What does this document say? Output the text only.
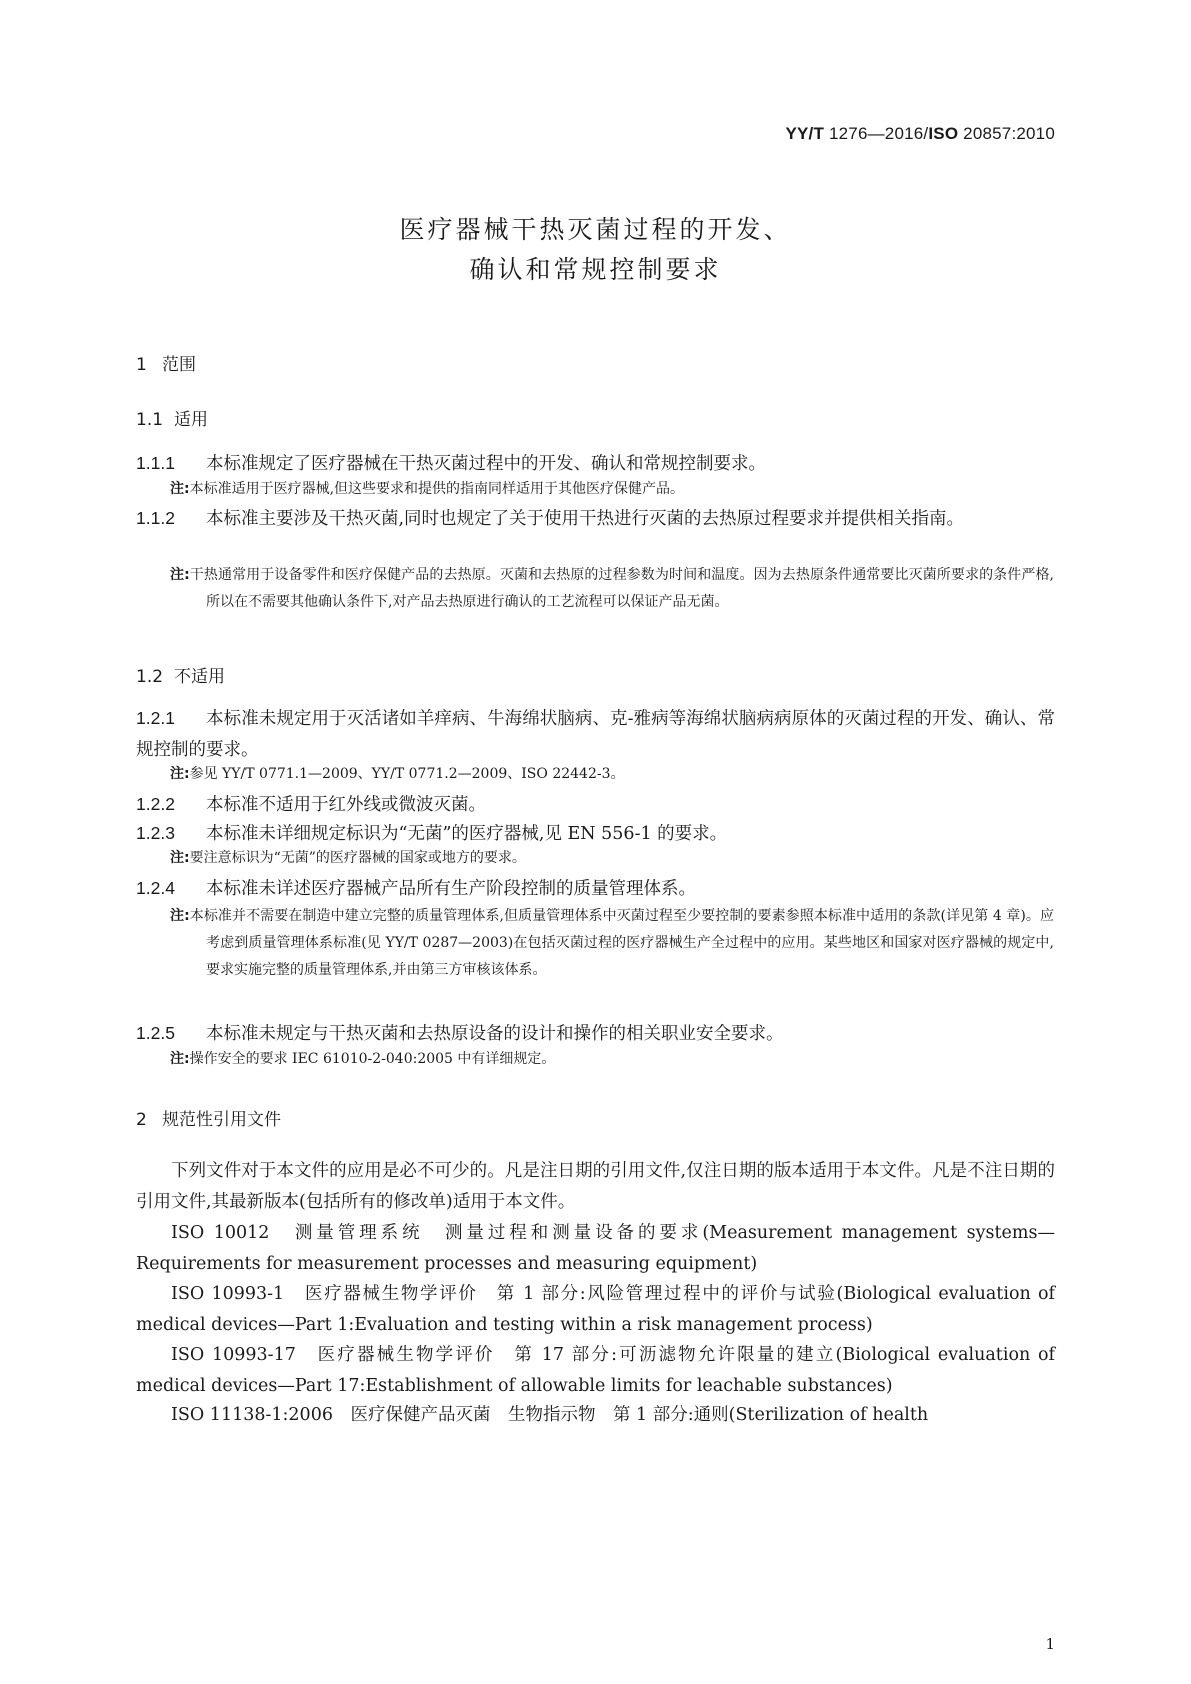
YY/T 1276—2016/ISO 20857:2010
医疗器械干热灭菌过程的开发、
确认和常规控制要求
1 范围
1.1 适用
1.1.1 本标准规定了医疗器械在干热灭菌过程中的开发、确认和常规控制要求。
注:本标准适用于医疗器械,但这些要求和提供的指南同样适用于其他医疗保健产品。
1.1.2 本标准主要涉及干热灭菌,同时也规定了关于使用干热进行灭菌的去热原过程要求并提供相关指南。
注:干热通常用于设备零件和医疗保健产品的去热原。灭菌和去热原的过程参数为时间和温度。因为去热原条件通常要比灭菌所要求的条件严格,所以在不需要其他确认条件下,对产品去热原进行确认的工艺流程可以保证产品无菌。
1.2 不适用
1.2.1 本标准未规定用于灭活诸如羊痒病、牛海绵状脑病、克-雅病等海绵状脑病病原体的灭菌过程的开发、确认、常规控制的要求。
注:参见 YY/T 0771.1—2009、YY/T 0771.2—2009、ISO 22442-3。
1.2.2 本标准不适用于红外线或微波灭菌。
1.2.3 本标准未详细规定标识为“无菌”的医疗器械,见 EN 556-1 的要求。
注:要注意标识为“无菌”的医疗器械的国家或地方的要求。
1.2.4 本标准未详述医疗器械产品所有生产阶段控制的质量管理体系。
注:本标准并不需要在制造中建立完整的质量管理体系,但质量管理体系中灭菌过程至少要控制的要素参照本标准中适用的条款(详见第 4 章)。应考虑到质量管理体系标准(见 YY/T 0287—2003)在包括灭菌过程的医疗器械生产全过程中的应用。某些地区和国家对医疗器械的规定中,要求实施完整的质量管理体系,并由第三方审核该体系。
1.2.5 本标准未规定与干热灭菌和去热原设备的设计和操作的相关职业安全要求。
注:操作安全的要求 IEC 61010-2-040:2005 中有详细规定。
2 规范性引用文件
下列文件对于本文件的应用是必不可少的。凡是注日期的引用文件,仅注日期的版本适用于本文件。凡是不注日期的引用文件,其最新版本(包括所有的修改单)适用于本文件。
ISO 10012　测量管理系统　测量过程和测量设备的要求(Measurement management systems—Requirements for measurement processes and measuring equipment)
ISO 10993-1　医疗器械生物学评价　第 1 部分:风险管理过程中的评价与试验(Biological evaluation of medical devices—Part 1:Evaluation and testing within a risk management process)
ISO 10993-17　医疗器械生物学评价　第 17 部分:可沥滤物允许限量的建立(Biological evaluation of medical devices—Part 17:Establishment of allowable limits for leachable substances)
ISO 11138-1:2006　医疗保健产品灭菌　生物指示物　第 1 部分:通则(Sterilization of health
1
